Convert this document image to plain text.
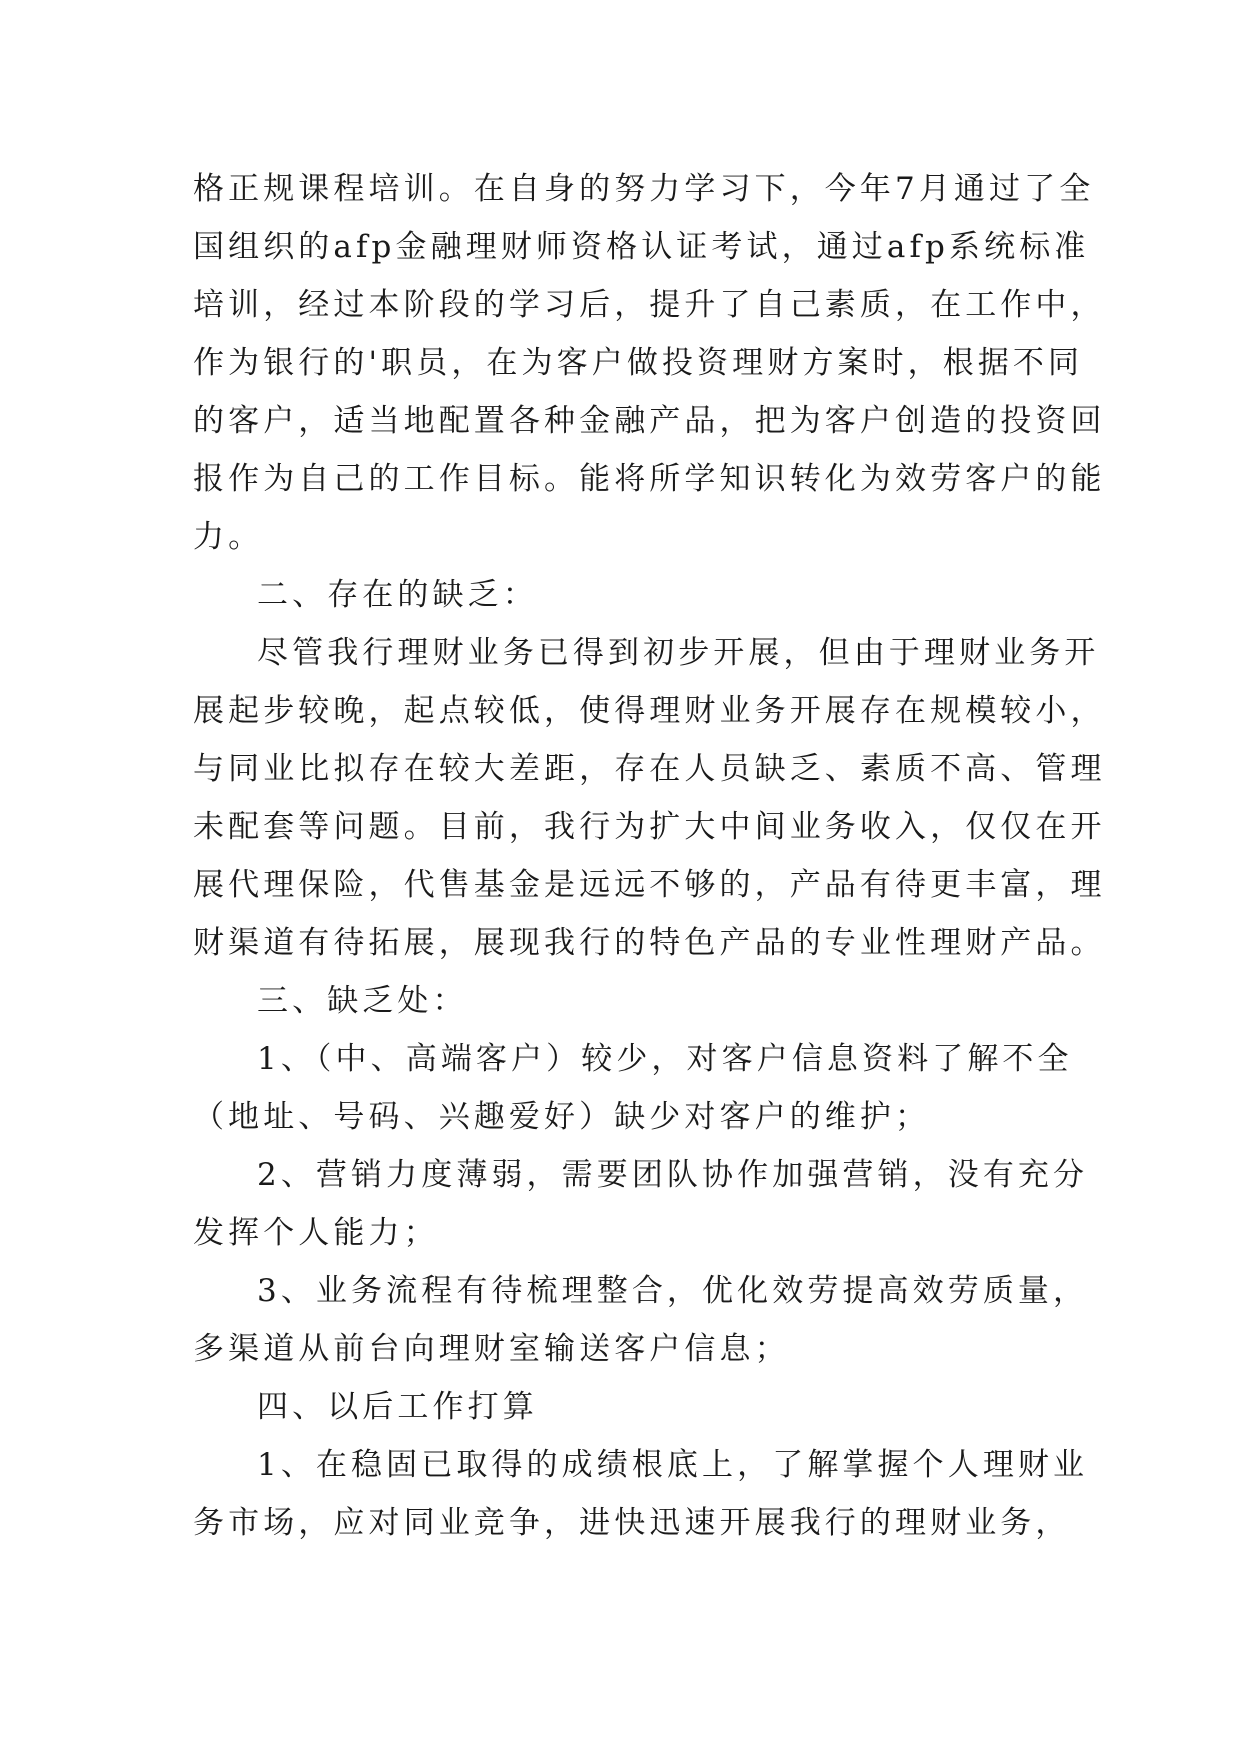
格正规课程培训。在自身的努力学习下，今年7月通过了全

国组织的afp金融理财师资格认证考试，通过afp系统标准

培训，经过本阶段的学习后，提升了自己素质，在工作中，

作为银行的'职员，在为客户做投资理财方案时，根据不同

的客户，适当地配置各种金融产品，把为客户创造的投资回

报作为自己的工作目标。能将所学知识转化为效劳客户的能

力。

二、存在的缺乏：

尽管我行理财业务已得到初步开展，但由于理财业务开

展起步较晚，起点较低，使得理财业务开展存在规模较小，

与同业比拟存在较大差距，存在人员缺乏、素质不高、管理

未配套等问题。目前，我行为扩大中间业务收入，仅仅在开

展代理保险，代售基金是远远不够的，产品有待更丰富，理

财渠道有待拓展，展现我行的特色产品的专业性理财产品。

三、缺乏处：

1、（中、高端客户）较少，对客户信息资料了解不全

（地址、号码、兴趣爱好）缺少对客户的维护；

2、营销力度薄弱，需要团队协作加强营销，没有充分

发挥个人能力；

3、业务流程有待梳理整合，优化效劳提高效劳质量，

多渠道从前台向理财室输送客户信息；

四、以后工作打算

1、在稳固已取得的成绩根底上，了解掌握个人理财业

务市场，应对同业竞争，进快迅速开展我行的理财业务，
